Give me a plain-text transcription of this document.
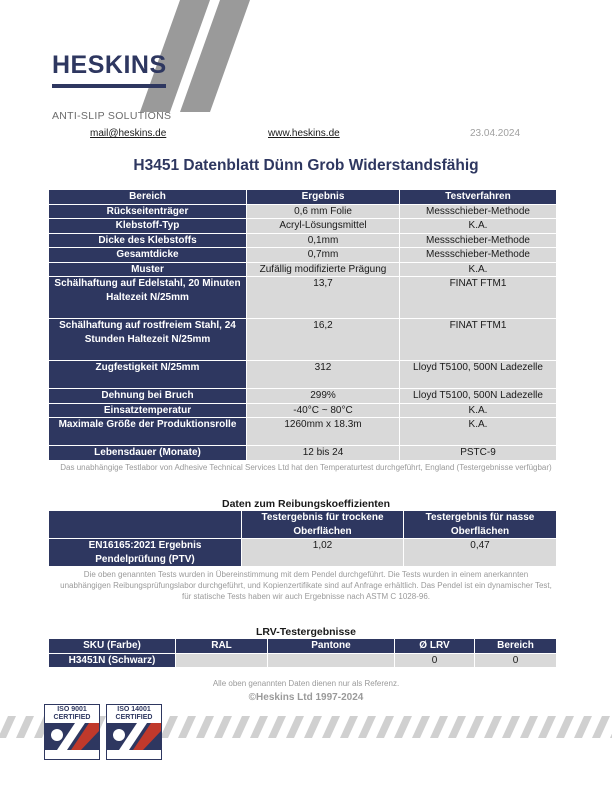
HESKINS
ANTI-SLIP SOLUTIONS
mail@heskins.de	www.heskins.de	23.04.2024
H3451 Datenblatt Dünn Grob Widerstandsfähig
Bereich	Ergebnis	Testverfahren
Rückseitenträger	0,6 mm Folie	Messschieber-Methode
Klebstoff-Typ	Acryl-Lösungsmittel	K.A.
Dicke des Klebstoffs	0,1mm	Messschieber-Methode
Gesamtdicke	0,7mm	Messschieber-Methode
Muster	Zufällig modifizierte Prägung	K.A.
Schälhaftung auf Edelstahl, 20 Minuten Haltezeit N/25mm	13,7	FINAT FTM1
Schälhaftung auf rostfreiem Stahl, 24 Stunden Haltezeit N/25mm	16,2	FINAT FTM1
Zugfestigkeit N/25mm	312	Lloyd T5100, 500N Ladezelle
Dehnung bei Bruch	299%	Lloyd T5100, 500N Ladezelle
Einsatztemperatur	-40°C ~ 80°C	K.A.
Maximale Größe der Produktionsrolle	1260mm x 18.3m	K.A.
Lebensdauer (Monate)	12 bis 24	PSTC-9
Das unabhängige Testlabor von Adhesive Technical Services Ltd hat den Temperaturtest durchgeführt, England (Testergebnisse verfügbar)
Daten zum Reibungskoeffizienten
	Testergebnis für trockene Oberflächen	Testergebnis für nasse Oberflächen
EN16165:2021 Ergebnis Pendelprüfung (PTV)	1,02	0,47
Die oben genannten Tests wurden in Übereinstimmung mit dem Pendel durchgeführt. Die Tests wurden in einem anerkannten unabhängigen Reibungsprüfungslabor durchgeführt, und Kopienzertifikate sind auf Anfrage erhältlich. Das Pendel ist ein dynamischer Test, für statische Tests haben wir auch Ergebnisse nach ASTM C 1028-96.
LRV-Testergebnisse
SKU (Farbe)	RAL	Pantone	Ø LRV	Bereich
H3451N (Schwarz)			0	0
Alle oben genannten Daten dienen nur als Referenz.
©Heskins Ltd 1997-2024
ISO 9001 CERTIFIED
ISO 14001 CERTIFIED
